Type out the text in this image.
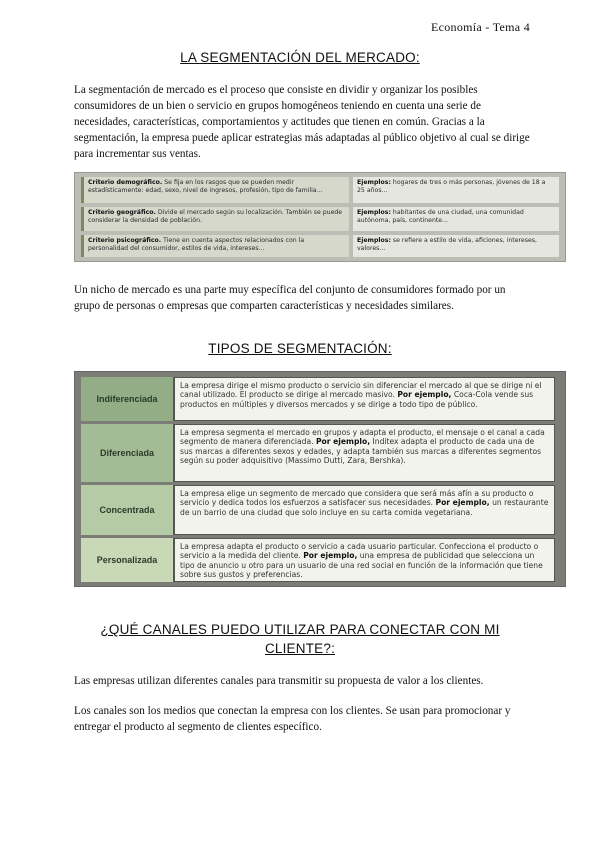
Economía - Tema 4
LA SEGMENTACIÓN DEL MERCADO:
La segmentación de mercado es el proceso que consiste en dividir y organizar los posibles consumidores de un bien o servicio en grupos homogéneos teniendo en cuenta una serie de necesidades, características, comportamientos y actitudes que tienen en común. Gracias a la segmentación, la empresa puede aplicar estrategias más adaptadas al público objetivo al cual se dirige para incrementar sus ventas.
Criterio demográfico. Se fija en los rasgos que se pueden medir estadísticamente: edad, sexo, nivel de ingresos, profesión, tipo de familia...
Ejemplos: hogares de tres o más personas, jóvenes de 18 a 25 años...
Criterio geográfico. Divide el mercado según su localización. También se puede considerar la densidad de población.
Ejemplos: habitantes de una ciudad, una comunidad autónoma, país, continente...
Criterio psicográfico. Tiene en cuenta aspectos relacionados con la personalidad del consumidor, estilos de vida, intereses...
Ejemplos: se refiere a estilo de vida, aficiones, intereses, valores...
Un nicho de mercado es una parte muy específica del conjunto de consumidores formado por un grupo de personas o empresas que comparten características y necesidades similares.
TIPOS DE SEGMENTACIÓN:
Indiferenciada
La empresa dirige el mismo producto o servicio sin diferenciar el mercado al que se dirige ni el canal utilizado. El producto se dirige al mercado masivo. Por ejemplo, Coca-Cola vende sus productos en múltiples y diversos mercados y se dirige a todo tipo de público.
Diferenciada
La empresa segmenta el mercado en grupos y adapta el producto, el mensaje o el canal a cada segmento de manera diferenciada. Por ejemplo, Inditex adapta el producto de cada una de sus marcas a diferentes sexos y edades, y adapta también sus marcas a diferentes segmentos según su poder adquisitivo (Massimo Dutti, Zara, Bershka).
Concentrada
La empresa elige un segmento de mercado que considera que será más afín a su producto o servicio y dedica todos los esfuerzos a satisfacer sus necesidades. Por ejemplo, un restaurante de un barrio de una ciudad que solo incluye en su carta comida vegetariana.
Personalizada
La empresa adapta el producto o servicio a cada usuario particular. Confecciona el producto o servicio a la medida del cliente. Por ejemplo, una empresa de publicidad que selecciona un tipo de anuncio u otro para un usuario de una red social en función de la información que tiene sobre sus gustos y preferencias.
¿QUÉ CANALES PUEDO UTILIZAR PARA CONECTAR CON MI
CLIENTE?:
Las empresas utilizan diferentes canales para transmitir su propuesta de valor a los clientes.
Los canales son los medios que conectan la empresa con los clientes. Se usan para promocionar y entregar el producto al segmento de clientes específico.
